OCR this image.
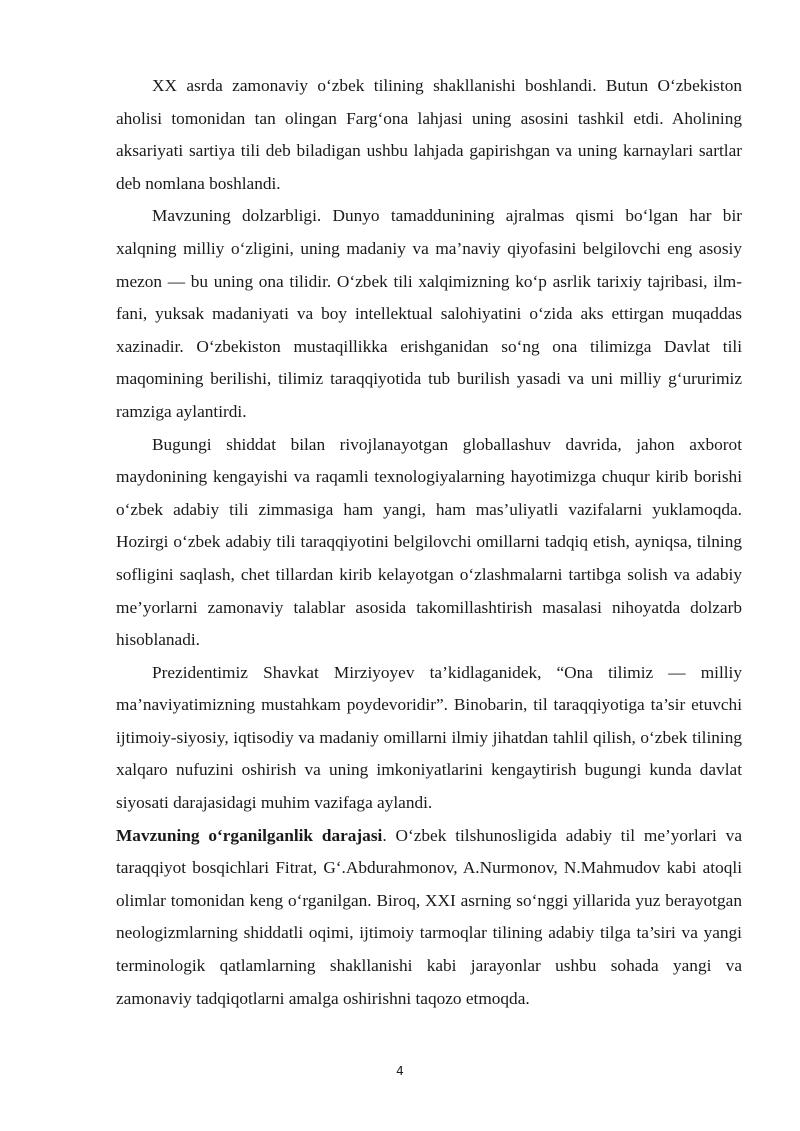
XX asrda zamonaviy o‘zbek tilining shakllanishi boshlandi. Butun O‘zbekiston aholisi tomonidan tan olingan Farg‘ona lahjasi uning asosini tashkil etdi. Aholining aksariyati sartiya tili deb biladigan ushbu lahjada gapirishgan va uning karnaylari sartlar deb nomlana boshlandi.

Mavzuning dolzarbligi. Dunyo tamaddunining ajralmas qismi bo‘lgan har bir xalqning milliy o‘zligini, uning madaniy va ma’naviy qiyofasini belgilovchi eng asosiy mezon — bu uning ona tilidir. O‘zbek tili xalqimizning ko‘p asrlik tarixiy tajribasi, ilm-fani, yuksak madaniyati va boy intellektual salohiyatini o‘zida aks ettirgan muqaddas xazinadir. O‘zbekiston mustaqillikka erishganidan so‘ng ona tilimizga Davlat tili maqomining berilishi, tilimiz taraqqiyotida tub burilish yasadi va uni milliy g‘ururimiz ramziga aylantirdi.

Bugungi shiddat bilan rivojlanayotgan globallashuv davrida, jahon axborot maydonining kengayishi va raqamli texnologiyalarning hayotimizga chuqur kirib borishi o‘zbek adabiy tili zimmasiga ham yangi, ham mas’uliyatli vazifalarni yuklamoqda. Hozirgi o‘zbek adabiy tili taraqqiyotini belgilovchi omillarni tadqiq etish, ayniqsa, tilning sofligini saqlash, chet tillardan kirib kelayotgan o‘zlashmalarni tartibga solish va adabiy me’yorlarni zamonaviy talablar asosida takomillashtirish masalasi nihoyatda dolzarb hisoblanadi.

Prezidentimiz Shavkat Mirziyoyev ta’kidlaganidek, “Ona tilimiz — milliy ma’naviyatimizning mustahkam poydevoridir”. Binobarin, til taraqqiyotiga ta’sir etuvchi ijtimoiy-siyosiy, iqtisodiy va madaniy omillarni ilmiy jihatdan tahlil qilish, o‘zbek tilining xalqaro nufuzini oshirish va uning imkoniyatlarini kengaytirish bugungi kunda davlat siyosati darajasidagi muhim vazifaga aylandi.

Mavzuning o‘rganilganlik darajasi. O‘zbek tilshunosligida adabiy til me’yorlari va taraqqiyot bosqichlari Fitrat, G‘.Abdurahmonov, A.Nurmonov, N.Mahmudov kabi atoqli olimlar tomonidan keng o‘rganilgan. Biroq, XXI asrning so‘nggi yillarida yuz berayotgan neologizmlarning shiddatli oqimi, ijtimoiy tarmoqlar tilining adabiy tilga ta’siri va yangi terminologik qatlamlarning shakllanishi kabi jarayonlar ushbu sohada yangi va zamonaviy tadqiqotlarni amalga oshirishni taqozo etmoqda.

4
